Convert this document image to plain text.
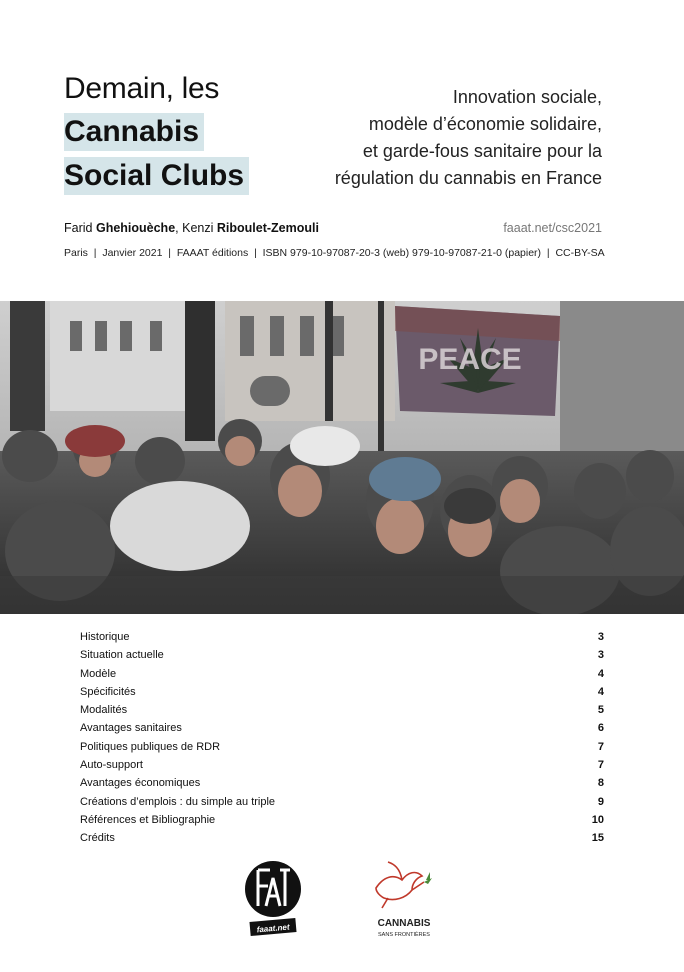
Demain, les
Cannabis
Social Clubs
Innovation sociale,
modèle d’économie solidaire,
et garde-fous sanitaire pour la
régulation du cannabis en France
Farid Ghehiouèche, Kenzi Riboulet-Zemouli	faaat.net/csc2021
Paris  |  Janvier 2021  |  FAAAT éditions  |  ISBN 979-10-97087-20-3 (web) 979-10-97087-21-0 (papier)  |  CC-BY-SA
PEACE
Historique	3
Situation actuelle	3
Modèle	4
Spécificités	4
Modalités	5
Avantages sanitaires	6
Politiques publiques de RDR	7
Auto-support	7
Avantages économiques	8
Créations d’emplois : du simple au triple	9
Références et Bibliographie	10
Crédits	15
faaat.net	CANNABIS
SANS FRONTIÈRES
